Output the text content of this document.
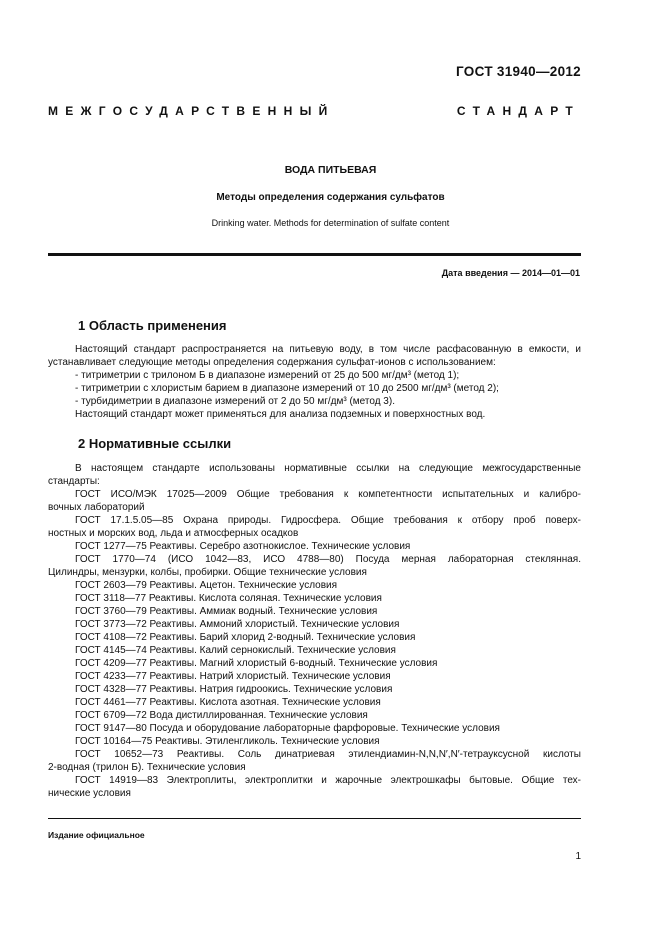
ГОСТ 31940—2012
МЕЖГОСУДАРСТВЕННЫЙ СТАНДАРТ
ВОДА ПИТЬЕВАЯ
Методы определения содержания сульфатов
Drinking water. Methods for determination of sulfate content
Дата введения — 2014—01—01
1 Область применения
Настоящий стандарт распространяется на питьевую воду, в том числе расфасованную в емкости, и
устанавливает следующие методы определения содержания сульфат-ионов с использованием:
- титриметрии с трилоном Б в диапазоне измерений от 25 до 500 мг/дм³ (метод 1);
- титриметрии с хлористым барием в диапазоне измерений от 10 до 2500 мг/дм³ (метод 2);
- турбидиметрии в диапазоне измерений от 2 до 50 мг/дм³ (метод 3).
Настоящий стандарт может применяться для анализа подземных и поверхностных вод.
2 Нормативные ссылки
В настоящем стандарте использованы нормативные ссылки на следующие межгосударственные
стандарты:
ГОСТ ИСО/МЭК 17025—2009 Общие требования к компетентности испытательных и калибро-
вочных лабораторий
ГОСТ 17.1.5.05—85 Охрана природы. Гидросфера. Общие требования к отбору проб поверх-
ностных и морских вод, льда и атмосферных осадков
ГОСТ 1277—75 Реактивы. Серебро азотнокислое. Технические условия
ГОСТ 1770—74 (ИСО 1042—83, ИСО 4788—80) Посуда мерная лабораторная стеклянная.
Цилиндры, мензурки, колбы, пробирки. Общие технические условия
ГОСТ 2603—79 Реактивы. Ацетон. Технические условия
ГОСТ 3118—77 Реактивы. Кислота соляная. Технические условия
ГОСТ 3760—79 Реактивы. Аммиак водный. Технические условия
ГОСТ 3773—72 Реактивы. Аммоний хлористый. Технические условия
ГОСТ 4108—72 Реактивы. Барий хлорид 2-водный. Технические условия
ГОСТ 4145—74 Реактивы. Калий сернокислый. Технические условия
ГОСТ 4209—77 Реактивы. Магний хлористый 6-водный. Технические условия
ГОСТ 4233—77 Реактивы. Натрий хлористый. Технические условия
ГОСТ 4328—77 Реактивы. Натрия гидроокись. Технические условия
ГОСТ 4461—77 Реактивы. Кислота азотная. Технические условия
ГОСТ 6709—72 Вода дистиллированная. Технические условия
ГОСТ 9147—80 Посуда и оборудование лабораторные фарфоровые. Технические условия
ГОСТ 10164—75 Реактивы. Этиленгликоль. Технические условия
ГОСТ 10652—73 Реактивы. Соль динатриевая этилендиамин-N,N,N′,N′-тетрауксусной кислоты
2-водная (трилон Б). Технические условия
ГОСТ 14919—83 Электроплиты, электроплитки и жарочные электрошкафы бытовые. Общие тех-
нические условия
Издание официальное
1
